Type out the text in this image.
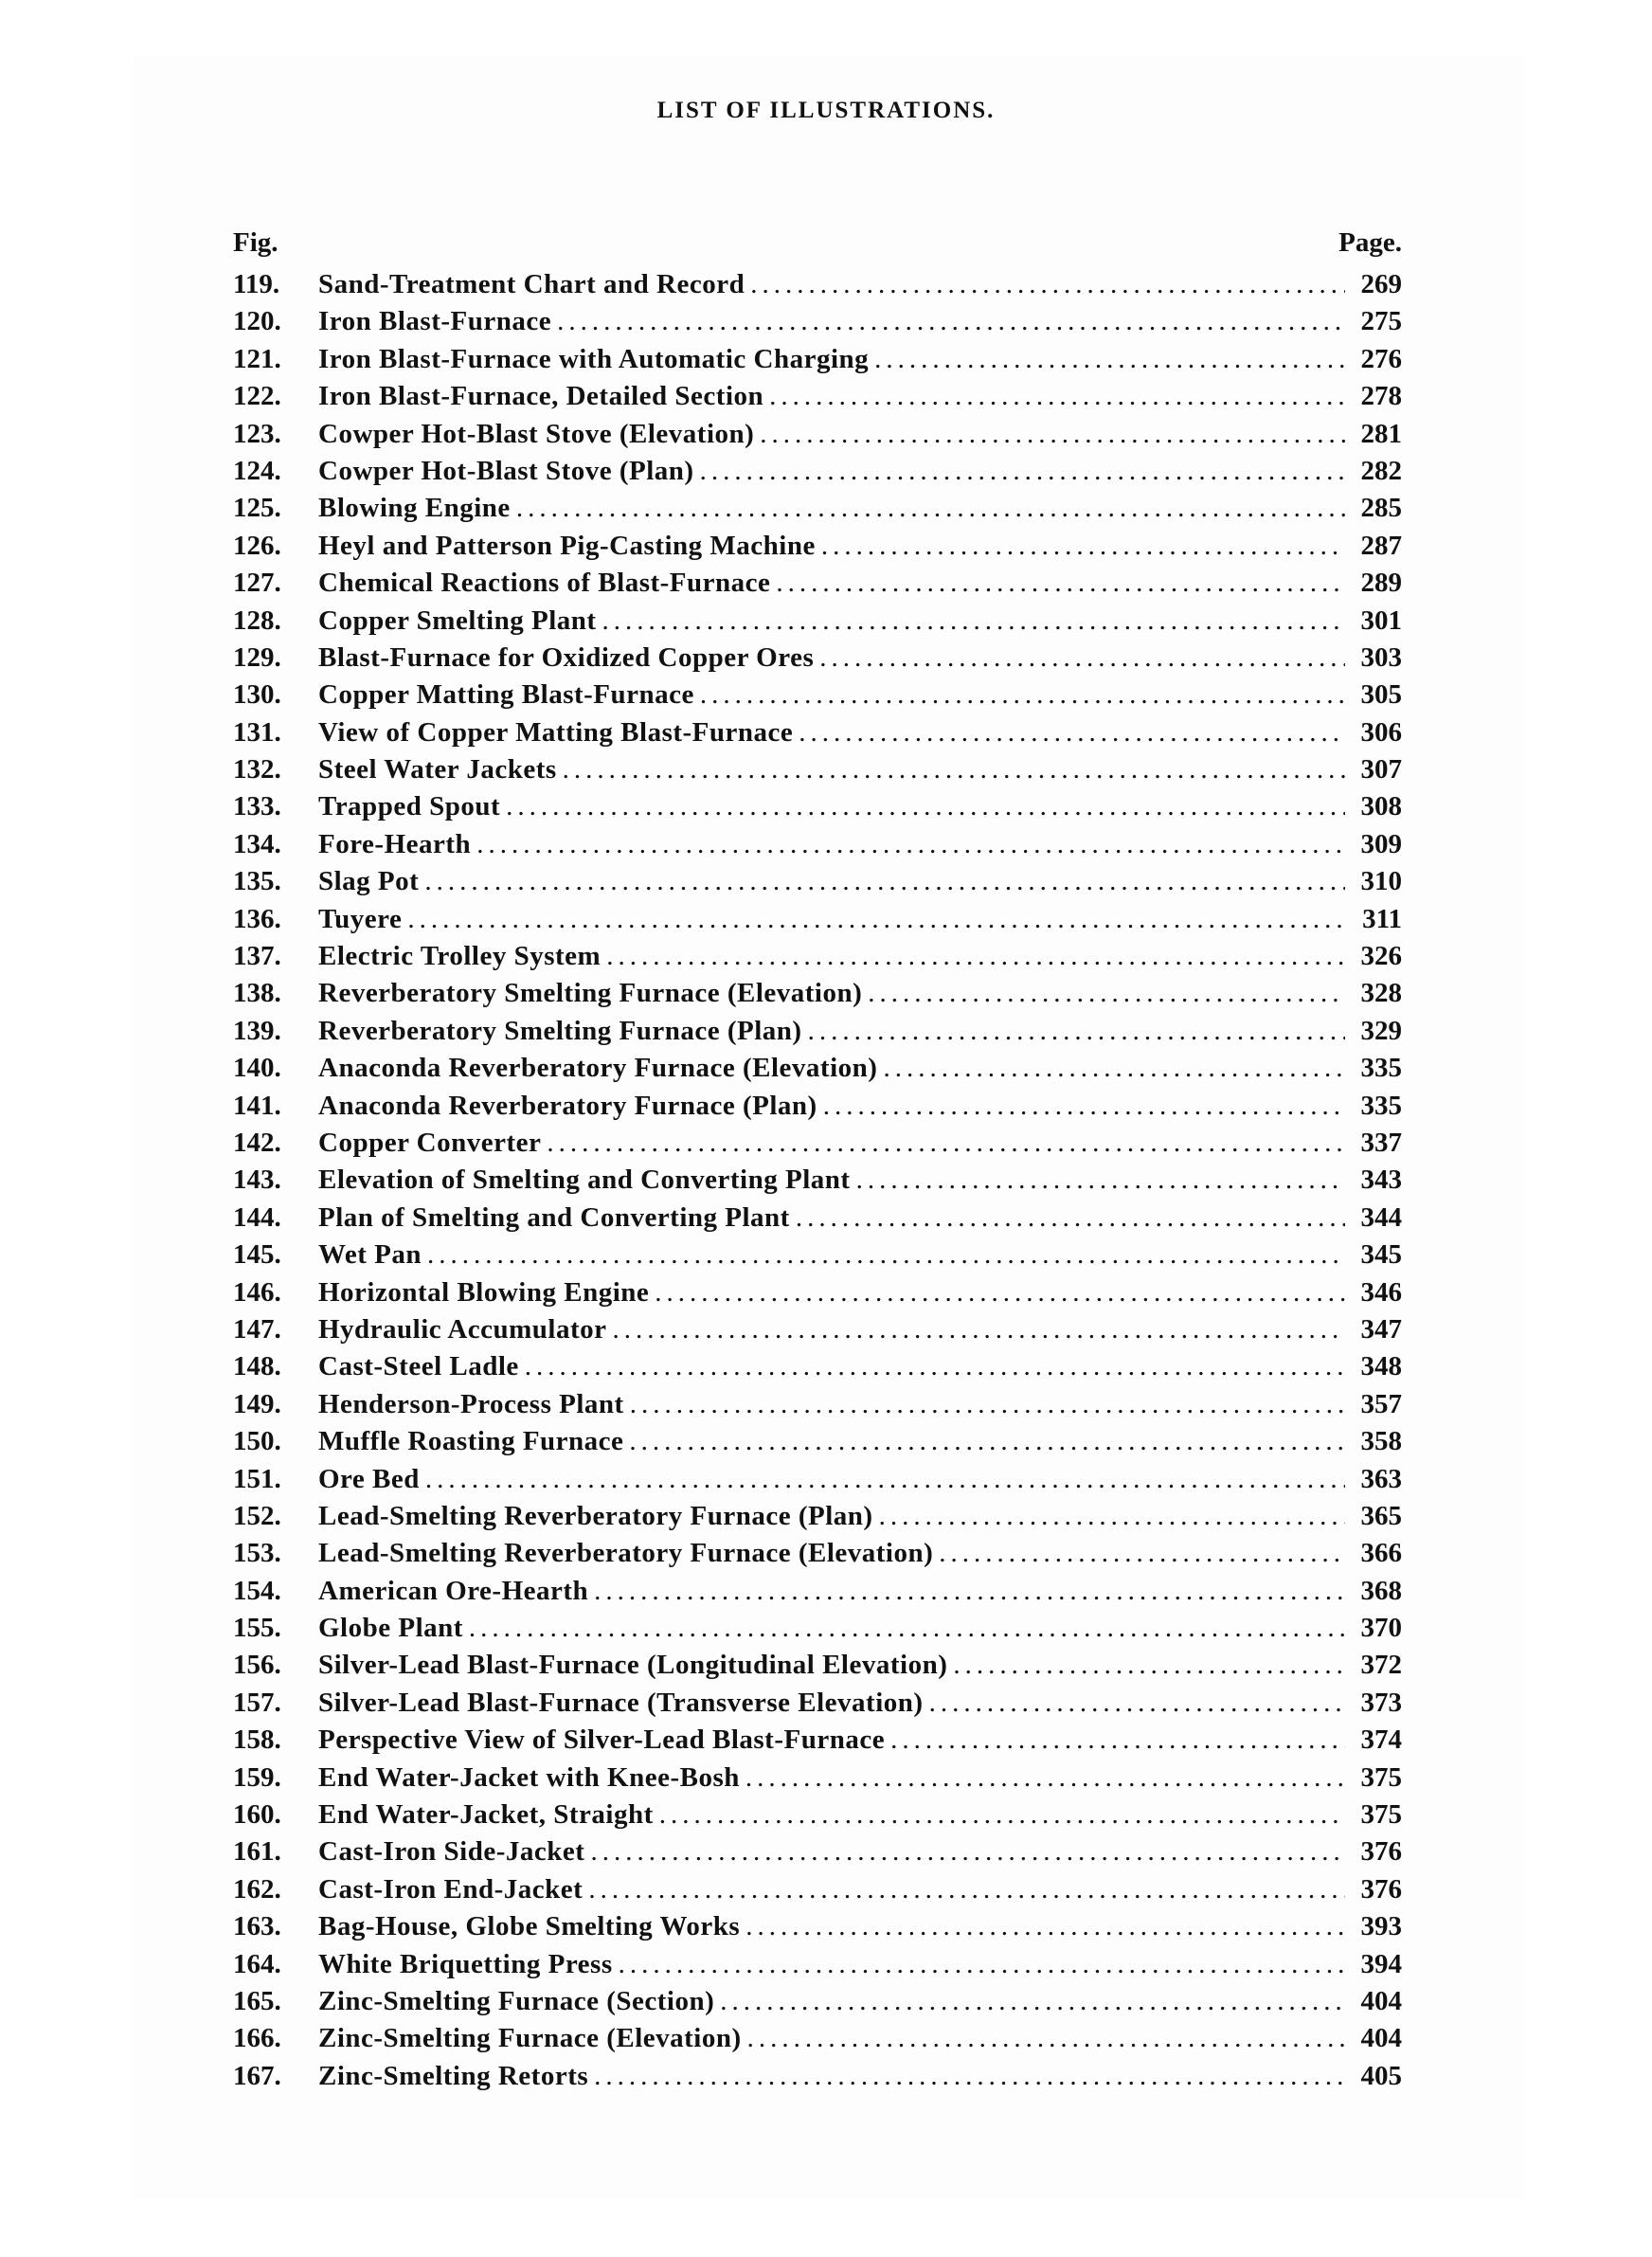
LIST OF ILLUSTRATIONS.
Fig.	Page.
119.	Sand-Treatment Chart and Record .....	269
120.	Iron Blast-Furnace .....	275
121.	Iron Blast-Furnace with Automatic Charging .....	276
122.	Iron Blast-Furnace, Detailed Section .....	278
123.	Cowper Hot-Blast Stove (Elevation) .....	281
124.	Cowper Hot-Blast Stove (Plan) .....	282
125.	Blowing Engine .....	285
126.	Heyl and Patterson Pig-Casting Machine .....	287
127.	Chemical Reactions of Blast-Furnace .....	289
128.	Copper Smelting Plant .....	301
129.	Blast-Furnace for Oxidized Copper Ores .....	303
130.	Copper Matting Blast-Furnace .....	305
131.	View of Copper Matting Blast-Furnace .....	306
132.	Steel Water Jackets .....	307
133.	Trapped Spout .....	308
134.	Fore-Hearth .....	309
135.	Slag Pot .....	310
136.	Tuyere .....	311
137.	Electric Trolley System .....	326
138.	Reverberatory Smelting Furnace (Elevation) .....	328
139.	Reverberatory Smelting Furnace (Plan) .....	329
140.	Anaconda Reverberatory Furnace (Elevation) .....	335
141.	Anaconda Reverberatory Furnace (Plan) .....	335
142.	Copper Converter .....	337
143.	Elevation of Smelting and Converting Plant .....	343
144.	Plan of Smelting and Converting Plant .....	344
145.	Wet Pan .....	345
146.	Horizontal Blowing Engine .....	346
147.	Hydraulic Accumulator .....	347
148.	Cast-Steel Ladle .....	348
149.	Henderson-Process Plant .....	357
150.	Muffle Roasting Furnace .....	358
151.	Ore Bed .....	363
152.	Lead-Smelting Reverberatory Furnace (Plan) .....	365
153.	Lead-Smelting Reverberatory Furnace (Elevation) .....	366
154.	American Ore-Hearth .....	368
155.	Globe Plant .....	370
156.	Silver-Lead Blast-Furnace (Longitudinal Elevation) .....	372
157.	Silver-Lead Blast-Furnace (Transverse Elevation) .....	373
158.	Perspective View of Silver-Lead Blast-Furnace .....	374
159.	End Water-Jacket with Knee-Bosh .....	375
160.	End Water-Jacket, Straight .....	375
161.	Cast-Iron Side-Jacket .....	376
162.	Cast-Iron End-Jacket .....	376
163.	Bag-House, Globe Smelting Works .....	393
164.	White Briquetting Press .....	394
165.	Zinc-Smelting Furnace (Section) .....	404
166.	Zinc-Smelting Furnace (Elevation) .....	404
167.	Zinc-Smelting Retorts .....	405
